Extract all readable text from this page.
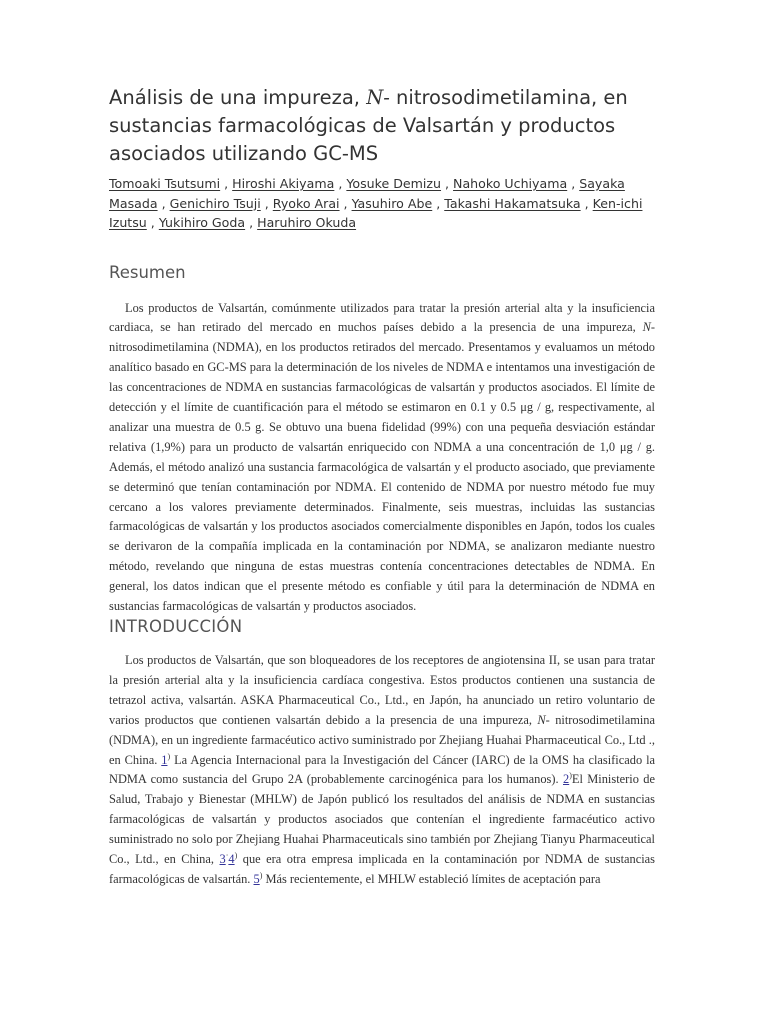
Análisis de una impureza, N- nitrosodimetilamina, en sustancias farmacológicas de Valsartán y productos asociados utilizando GC-MS
Tomoaki Tsutsumi , Hiroshi Akiyama , Yosuke Demizu , Nahoko Uchiyama , Sayaka Masada , Genichiro Tsuji , Ryoko Arai , Yasuhiro Abe , Takashi Hakamatsuka , Ken-ichi Izutsu , Yukihiro Goda , Haruhiro Okuda
Resumen

Los productos de Valsartán, comúnmente utilizados para tratar la presión arterial alta y la insuficiencia cardiaca, se han retirado del mercado en muchos países debido a la presencia de una impureza, N-nitrosodimetilamina (NDMA), en los productos retirados del mercado. Presentamos y evaluamos un método analítico basado en GC-MS para la determinación de los niveles de NDMA e intentamos una investigación de las concentraciones de NDMA en sustancias farmacológicas de valsartán y productos asociados. El límite de detección y el límite de cuantificación para el método se estimaron en 0.1 y 0.5 μg / g, respectivamente, al analizar una muestra de 0.5 g. Se obtuvo una buena fidelidad (99%) con una pequeña desviación estándar relativa (1,9%) para un producto de valsartán enriquecido con NDMA a una concentración de 1,0 μg / g. Además, el método analizó una sustancia farmacológica de valsartán y el producto asociado, que previamente se determinó que tenían contaminación por NDMA. El contenido de NDMA por nuestro método fue muy cercano a los valores previamente determinados. Finalmente, seis muestras, incluidas las sustancias farmacológicas de valsartán y los productos asociados comercialmente disponibles en Japón, todos los cuales se derivaron de la compañía implicada en la contaminación por NDMA, se analizaron mediante nuestro método, revelando que ninguna de estas muestras contenía concentraciones detectables de NDMA. En general, los datos indican que el presente método es confiable y útil para la determinación de NDMA en sustancias farmacológicas de valsartán y productos asociados.

INTRODUCCIÓN

Los productos de Valsartán, que son bloqueadores de los receptores de angiotensina II, se usan para tratar la presión arterial alta y la insuficiencia cardíaca congestiva. Estos productos contienen una sustancia de tetrazol activa, valsartán. ASKA Pharmaceutical Co., Ltd., en Japón, ha anunciado un retiro voluntario de varios productos que contienen valsartán debido a la presencia de una impureza, N- nitrosodimetilamina (NDMA), en un ingrediente farmacéutico activo suministrado por Zhejiang Huahai Pharmaceutical Co., Ltd ., en China. 1) La Agencia Internacional para la Investigación del Cáncer (IARC) de la OMS ha clasificado la NDMA como sustancia del Grupo 2A (probablemente carcinogénica para los humanos). 2)El Ministerio de Salud, Trabajo y Bienestar (MHLW) de Japón publicó los resultados del análisis de NDMA en sustancias farmacológicas de valsartán y productos asociados que contenían el ingrediente farmacéutico activo suministrado no solo por Zhejiang Huahai Pharmaceuticals sino también por Zhejiang Tianyu Pharmaceutical Co., Ltd., en China, 3·4) que era otra empresa implicada en la contaminación por NDMA de sustancias farmacológicas de valsartán. 5) Más recientemente, el MHLW estableció límites de aceptación para
